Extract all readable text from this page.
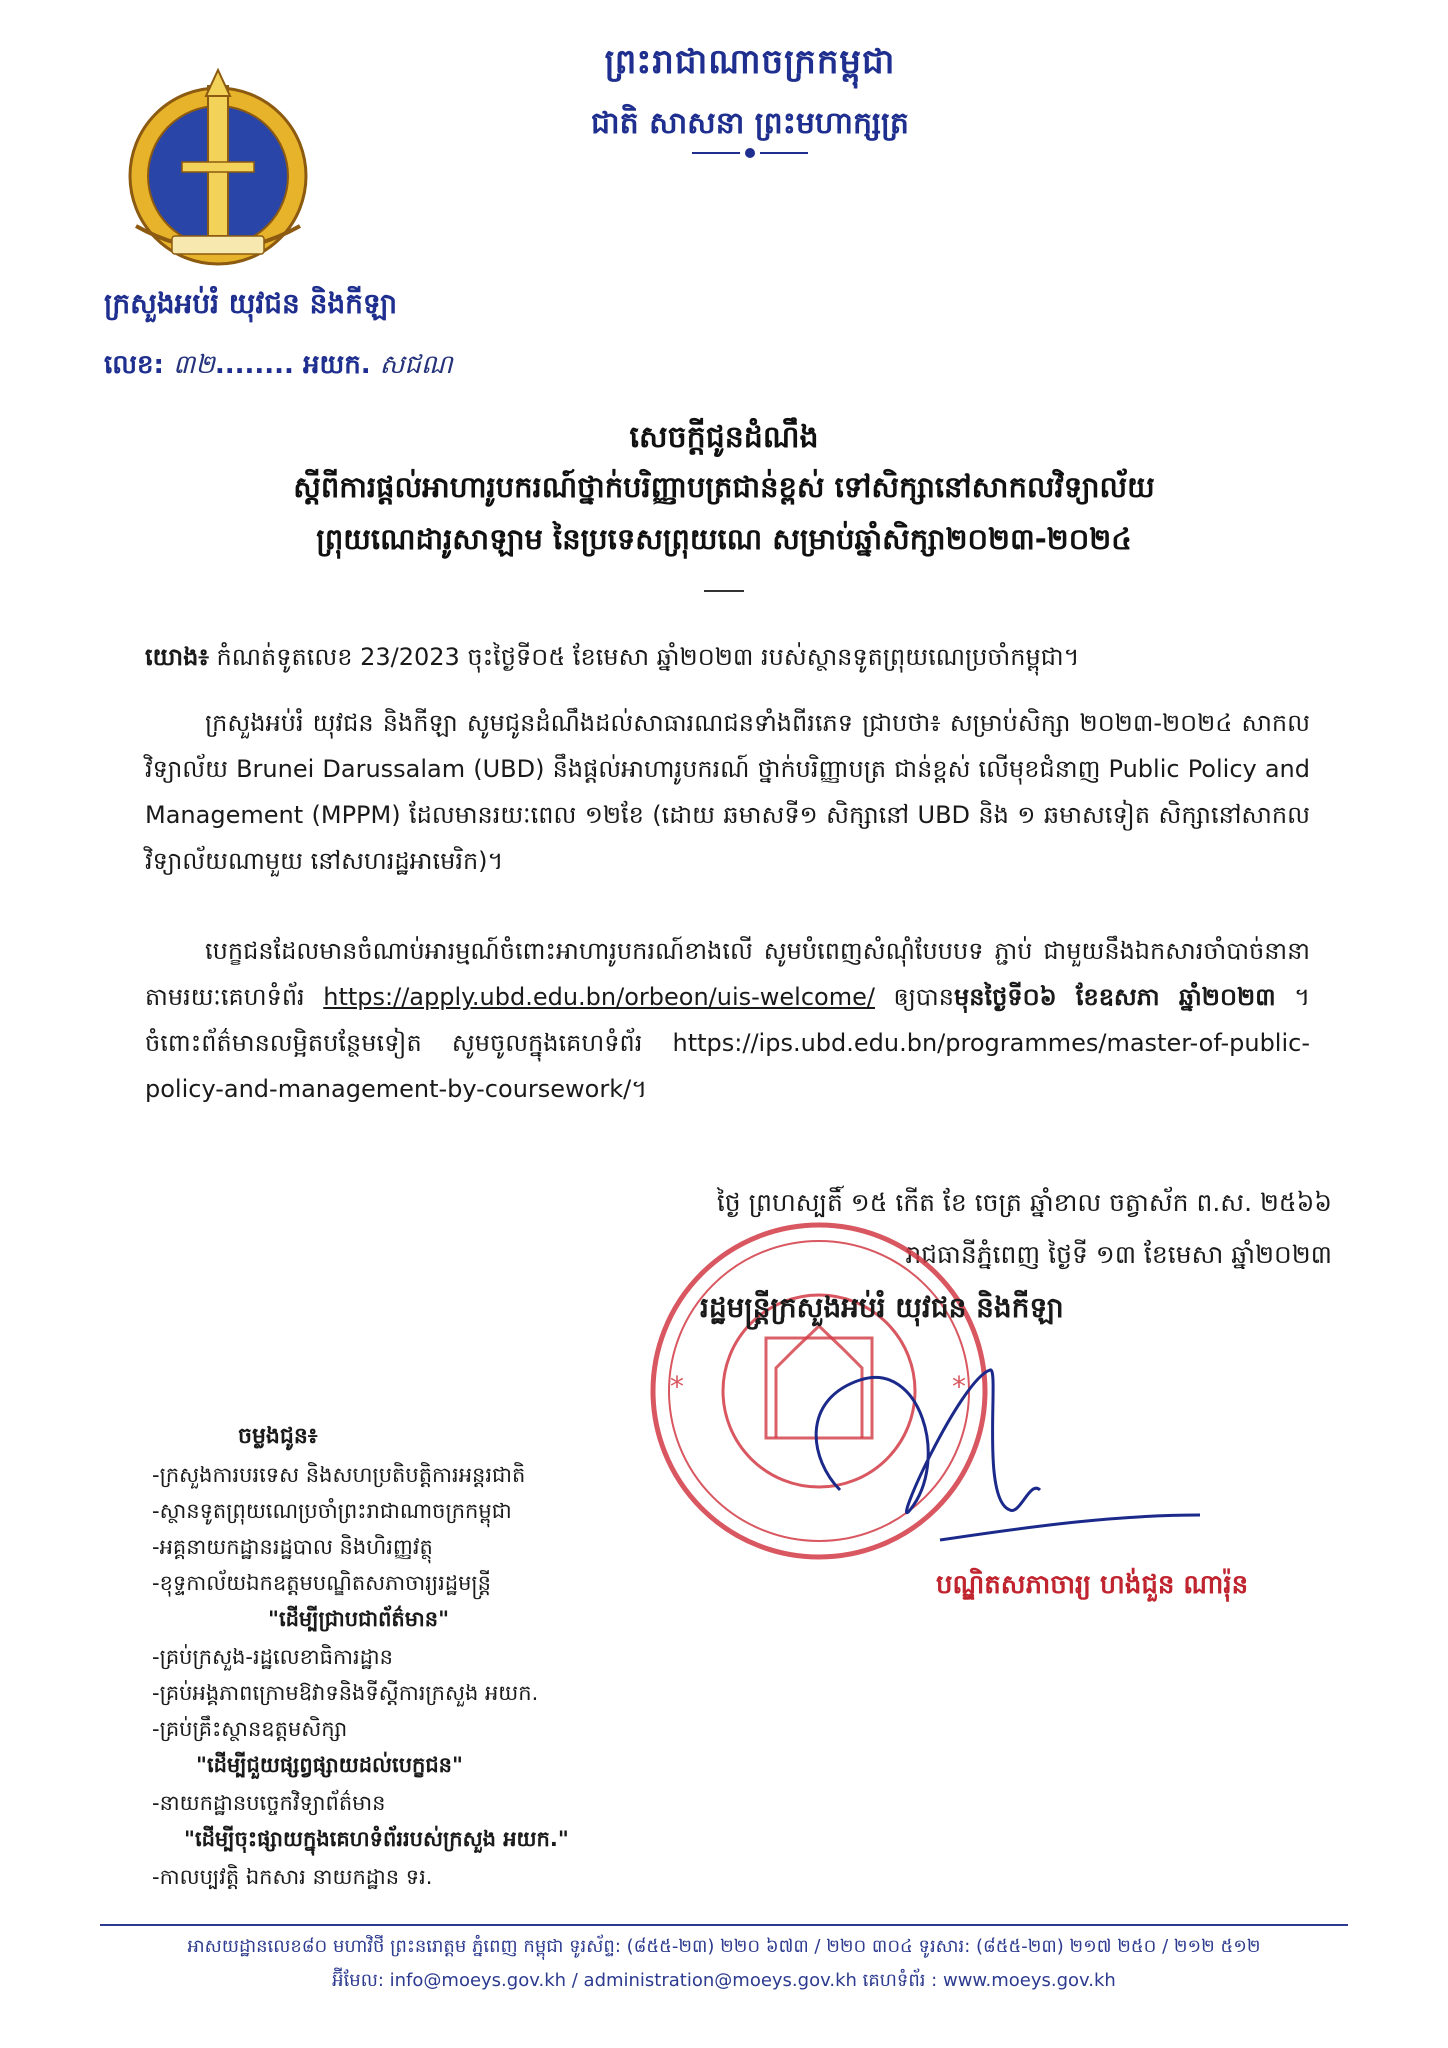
ព្រះរាជាណាចក្រកម្ពុជា
ជាតិ សាសនា ព្រះមហាក្សត្រ
ក្រសួងអប់រំ យុវជន និងកីឡា
លេខ: ៣២........ អយក. សជណ
សេចក្តីជូនដំណឹង
ស្តីពីការផ្តល់អាហារូបករណ៍ថ្នាក់បរិញ្ញាបត្រជាន់ខ្ពស់ ទៅសិក្សានៅសាកលវិទ្យាល័យ
ព្រុយណេដារូសាឡាម នៃប្រទេសព្រុយណេ សម្រាប់ឆ្នាំសិក្សា២០២៣-២០២៤
យោង៖ កំណត់ទូតលេខ 23/2023 ចុះថ្ងៃទី០៥ ខែមេសា ឆ្នាំ២០២៣ របស់ស្ថានទូតព្រុយណេប្រចាំកម្ពុជា។
ក្រសួងអប់រំ យុវជន និងកីឡា សូមជូនដំណឹងដល់សាធារណជនទាំងពីរភេទ ជ្រាបថា៖ សម្រាប់សិក្សា ២០២៣-២០២៤ សាកលវិទ្យាល័យ Brunei Darussalam (UBD) នឹងផ្តល់អាហារូបករណ៍ ថ្នាក់បរិញ្ញាបត្រ ជាន់ខ្ពស់ លើមុខជំនាញ Public Policy and Management (MPPM) ដែលមានរយៈពេល ១២ខែ (ដោយ ឆមាសទី១ សិក្សានៅ UBD និង ១ ឆមាសទៀត សិក្សានៅសាកលវិទ្យាល័យណាមួយ នៅសហរដ្ឋអាមេរិក)។
បេក្ខជនដែលមានចំណាប់អារម្មណ៍ចំពោះអាហារូបករណ៍ខាងលើ សូមបំពេញសំណុំបែបបទ ភ្ជាប់ ជាមួយនឹងឯកសារចាំបាច់នានា តាមរយៈគេហទំព័រ https://apply.ubd.edu.bn/orbeon/uis-welcome/ ឲ្យបានមុនថ្ងៃទី០៦ ខែឧសភា ឆ្នាំ២០២៣ ។ ចំពោះព័ត៌មានលម្អិតបន្ថែមទៀត សូមចូលក្នុងគេហទំព័រ https://ips.ubd.edu.bn/programmes/master-of-public-policy-and-management-by-coursework/។
ថ្ងៃ ព្រហស្បតិ៍ ១៥ កើត ខែ ចេត្រ ឆ្នាំខាល ចត្វាស័ក ព.ស. ២៥៦៦
រាជធានីភ្នំពេញ ថ្ងៃទី ១៣ ខែមេសា ឆ្នាំ២០២៣
*	*
រដ្ឋមន្ត្រីក្រសួងអប់រំ យុវជន និងកីឡា
បណ្ឌិតសភាចារ្យ ហង់ជួន ណារ៉ុន
ចម្លងជូន៖
-ក្រសួងការបរទេស និងសហប្រតិបត្តិការអន្តរជាតិ
-ស្ថានទូតព្រុយណេប្រចាំព្រះរាជាណាចក្រកម្ពុជា
-អគ្គនាយកដ្ឋានរដ្ឋបាល និងហិរញ្ញវត្ថុ
-ខុទ្ទកាល័យឯកឧត្តមបណ្ឌិតសភាចារ្យរដ្ឋមន្ត្រី
"ដើម្បីជ្រាបជាព័ត៌មាន"
-គ្រប់ក្រសួង-រដ្ឋលេខាធិការដ្ឋាន
-គ្រប់អង្គភាពក្រោមឱវាទនិងទីស្តីការក្រសួង អយក.
-គ្រប់គ្រឹះស្ថានឧត្តមសិក្សា
"ដើម្បីជួយផ្សព្វផ្សាយដល់បេក្ខជន"
-នាយកដ្ឋានបច្ចេកវិទ្យាព័ត៌មាន
"ដើម្បីចុះផ្សាយក្នុងគេហទំព័ររបស់ក្រសួង អយក."
-កាលប្បវត្តិ ឯកសារ នាយកដ្ឋាន ទរ.
អាសយដ្ឋានលេខ៨០ មហាវិថី ព្រះនរោត្តម ភ្នំពេញ កម្ពុជា ទូរស័ព្ទ: (៨៥៥-២៣) ២២០ ៦៧៣ / ២២០ ៣០៤ ទូរសារ: (៨៥៥-២៣) ២១៧ ២៥០ / ២១២ ៥១២
អ៊ីមែល: info@moeys.gov.kh / administration@moeys.gov.kh គេហទំព័រ : www.moeys.gov.kh
